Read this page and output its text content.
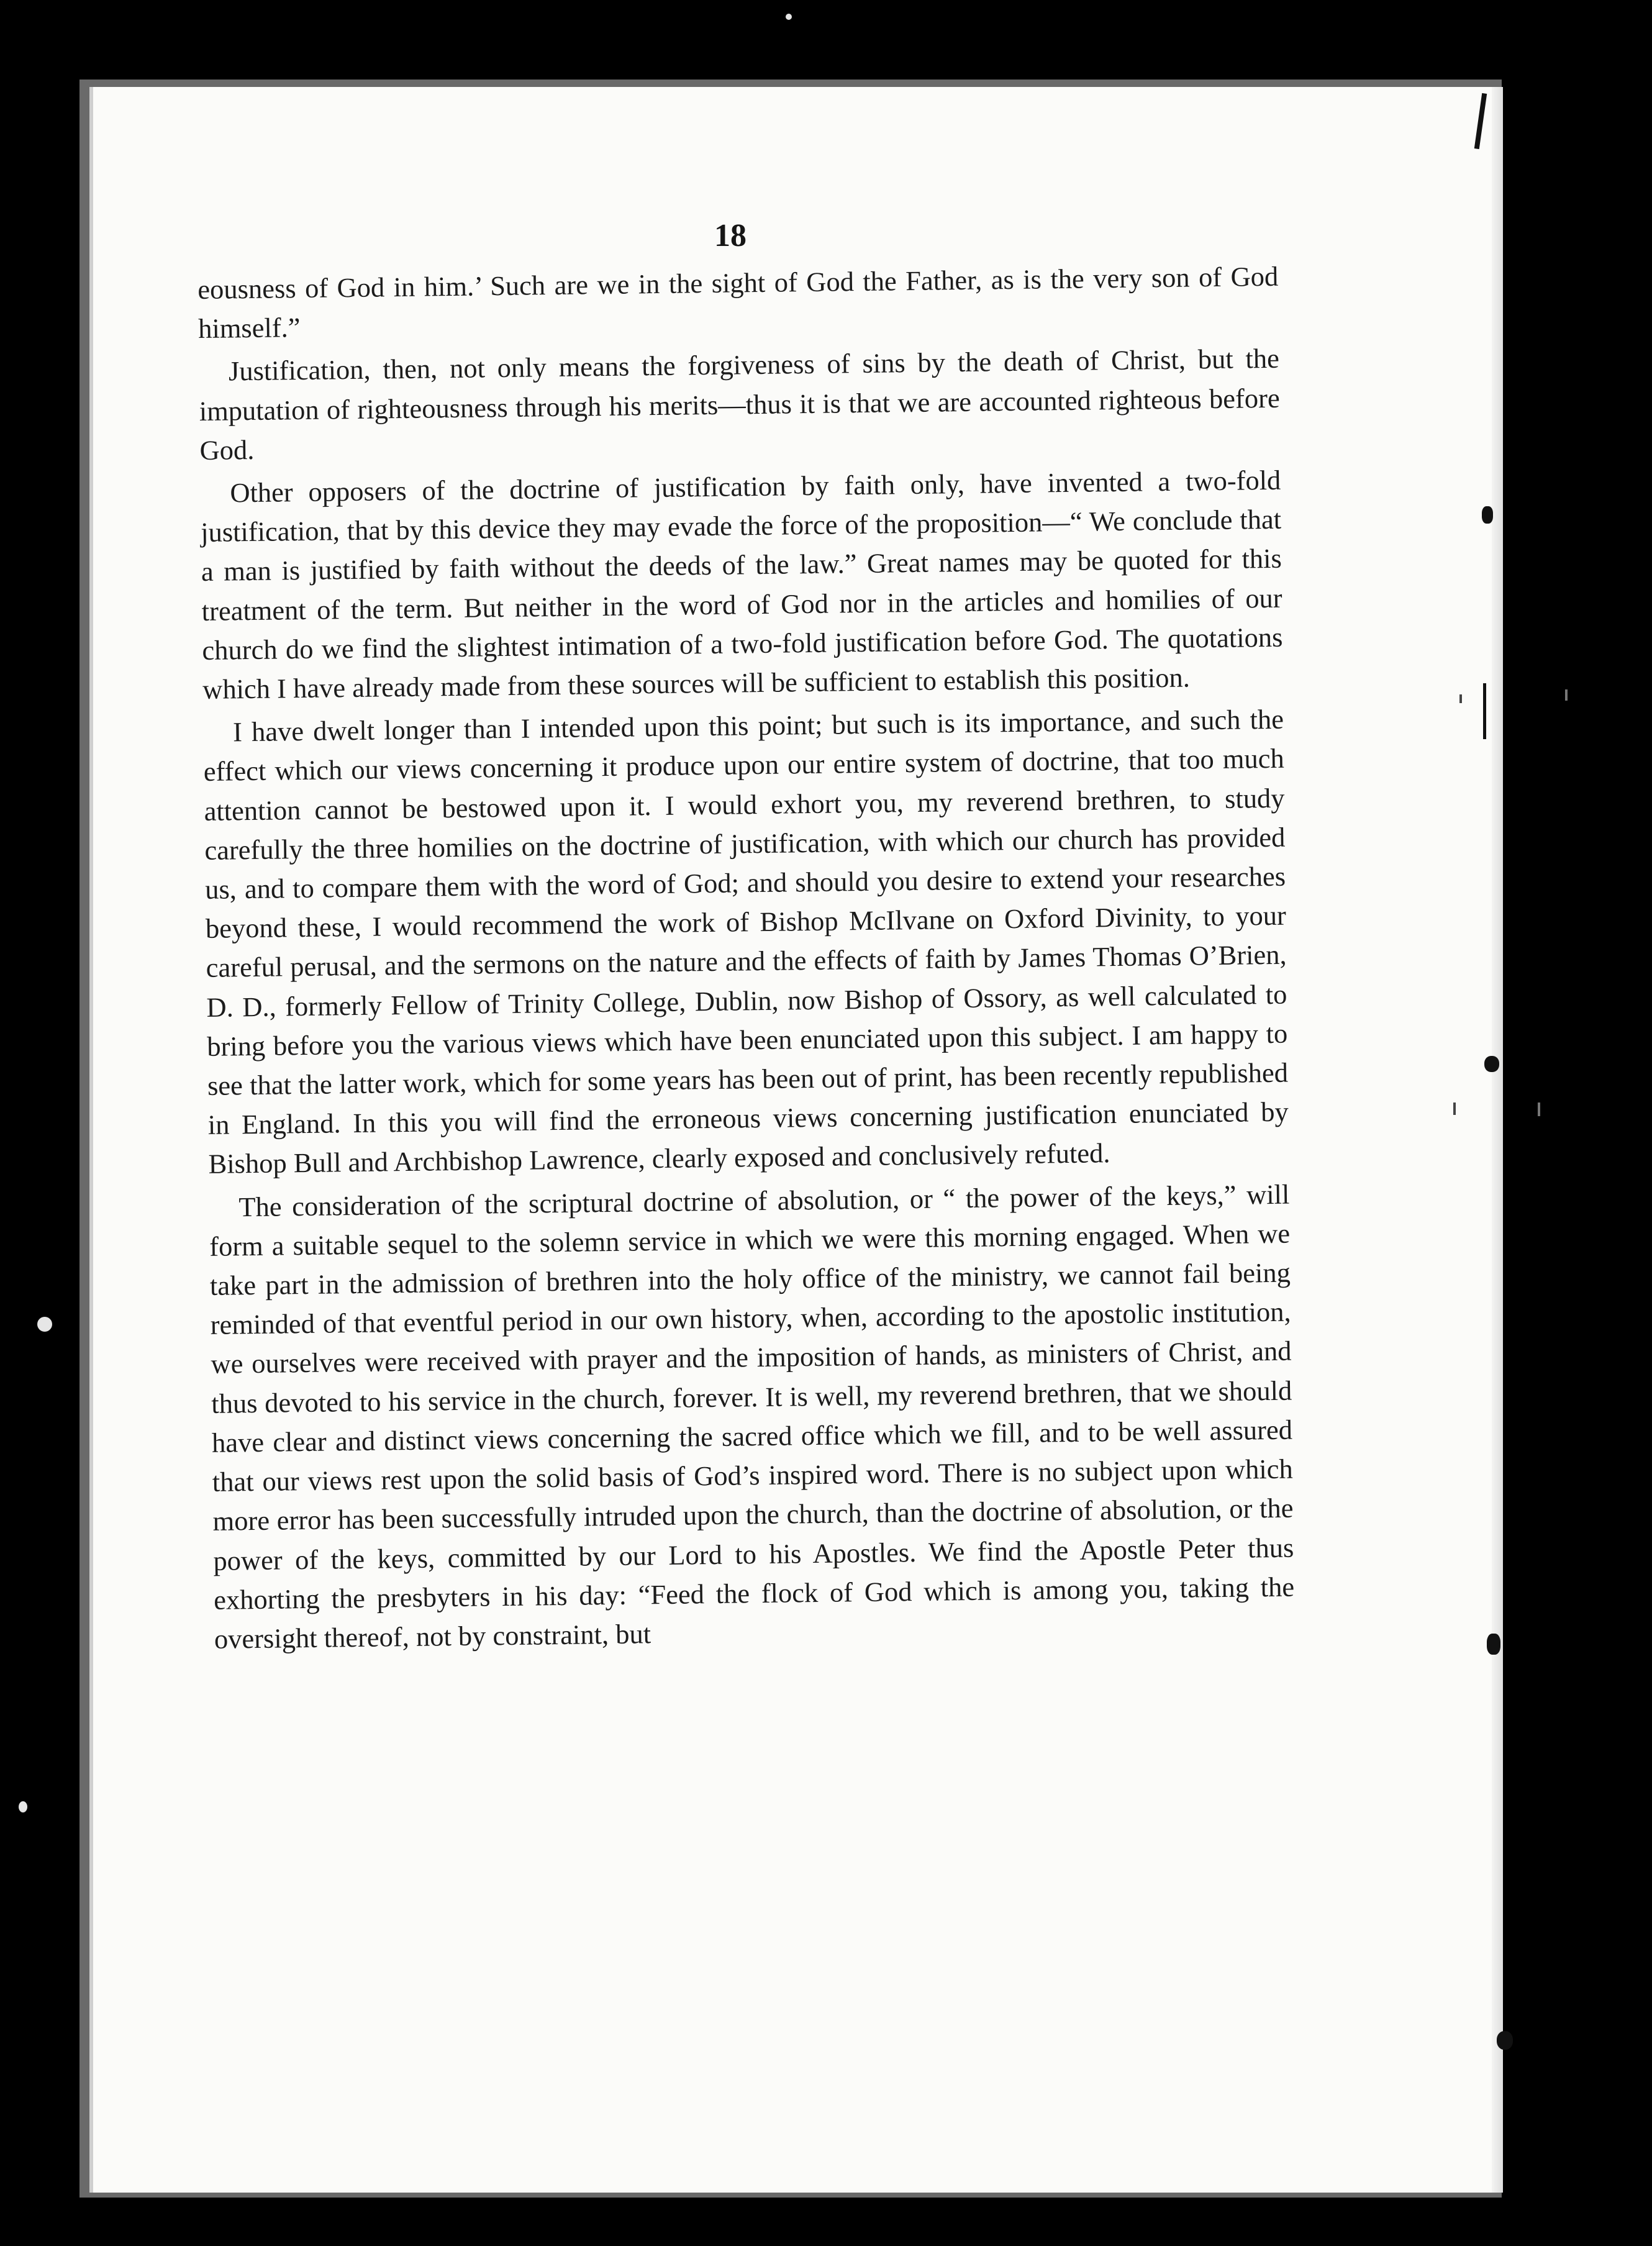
18

eousness of God in him.’ Such are we in the sight of God the Father, as is the very son of God himself.”

Justification, then, not only means the forgiveness of sins by the death of Christ, but the imputation of righteousness through his merits—thus it is that we are accounted righteous before God.

Other opposers of the doctrine of justification by faith only, have invented a two-fold justification, that by this device they may evade the force of the proposition—“ We conclude that a man is justified by faith without the deeds of the law.” Great names may be quoted for this treatment of the term. But neither in the word of God nor in the articles and homilies of our church do we find the slightest intimation of a two-fold justification before God. The quotations which I have already made from these sources will be sufficient to establish this position.

I have dwelt longer than I intended upon this point; but such is its importance, and such the effect which our views concerning it produce upon our entire system of doctrine, that too much attention cannot be bestowed upon it. I would exhort you, my reverend brethren, to study carefully the three homilies on the doctrine of justification, with which our church has provided us, and to compare them with the word of God; and should you desire to extend your researches beyond these, I would recommend the work of Bishop McIlvane on Oxford Divinity, to your careful perusal, and the sermons on the nature and the effects of faith by James Thomas O’Brien, D. D., formerly Fellow of Trinity College, Dublin, now Bishop of Ossory, as well calculated to bring before you the various views which have been enunciated upon this subject. I am happy to see that the latter work, which for some years has been out of print, has been recently republished in England. In this you will find the erroneous views concerning justification enunciated by Bishop Bull and Archbishop Lawrence, clearly exposed and conclusively refuted.

The consideration of the scriptural doctrine of absolution, or “ the power of the keys,” will form a suitable sequel to the solemn service in which we were this morning engaged. When we take part in the admission of brethren into the holy office of the ministry, we cannot fail being reminded of that eventful period in our own history, when, according to the apostolic institution, we ourselves were received with prayer and the imposition of hands, as ministers of Christ, and thus devoted to his service in the church, forever. It is well, my reverend brethren, that we should have clear and distinct views concerning the sacred office which we fill, and to be well assured that our views rest upon the solid basis of God’s inspired word. There is no subject upon which more error has been successfully intruded upon the church, than the doctrine of absolution, or the power of the keys, committed by our Lord to his Apostles. We find the Apostle Peter thus exhorting the presbyters in his day: “Feed the flock of God which is among you, taking the oversight thereof, not by constraint, but
